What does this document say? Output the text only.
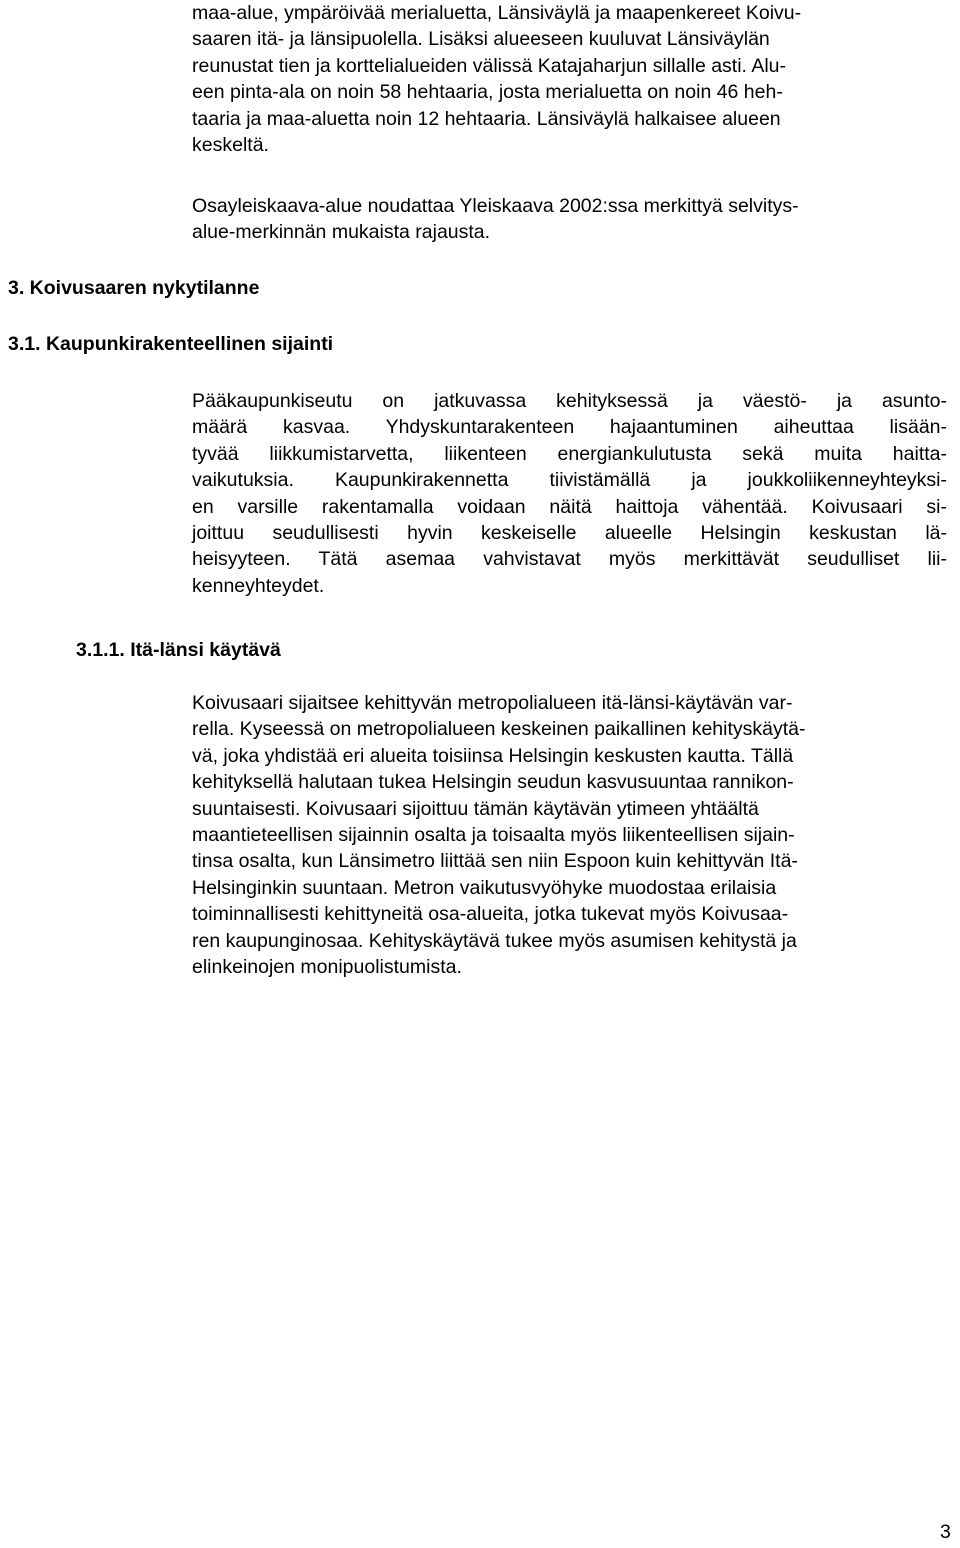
maa-alue, ympäröivää merialuetta, Länsiväylä ja maapenkereet Koivu-
saaren itä- ja länsipuolella. Lisäksi alueeseen kuuluvat Länsiväylän
reunustat tien ja korttelialueiden välissä Katajaharjun sillalle asti. Alu-
een pinta-ala on noin 58 hehtaaria, josta merialuetta on noin 46 heh-
taaria ja maa-aluetta noin 12 hehtaaria. Länsiväylä halkaisee alueen
keskeltä.
Osayleiskaava-alue noudattaa Yleiskaava 2002:ssa merkittyä selvitys-
alue-merkinnän mukaista rajausta.
3. Koivusaaren nykytilanne
3.1. Kaupunkirakenteellinen sijainti
Pääkaupunkiseutu on jatkuvassa kehityksessä ja väestö- ja asunto-
määrä kasvaa. Yhdyskuntarakenteen hajaantuminen aiheuttaa lisään-
tyvää liikkumistarvetta, liikenteen energiankulutusta sekä muita haitta-
vaikutuksia. Kaupunkirakennetta tiivistämällä ja joukkoliikenneyhteyksi-
en varsille rakentamalla voidaan näitä haittoja vähentää. Koivusaari si-
joittuu seudullisesti hyvin keskeiselle alueelle Helsingin keskustan lä-
heisyyteen. Tätä asemaa vahvistavat myös merkittävät seudulliset lii-
kenneyhteydet.
3.1.1. Itä-länsi käytävä
Koivusaari sijaitsee kehittyvän metropolialueen itä-länsi-käytävän var-
rella. Kyseessä on metropolialueen keskeinen paikallinen kehityskäytä-
vä, joka yhdistää eri alueita toisiinsa Helsingin keskusten kautta. Tällä
kehityksellä halutaan tukea Helsingin seudun kasvusuuntaa rannikon-
suuntaisesti. Koivusaari sijoittuu tämän käytävän ytimeen yhtäältä
maantieteellisen sijainnin osalta ja toisaalta myös liikenteellisen sijain-
tinsa osalta, kun Länsimetro liittää sen niin Espoon kuin kehittyvän Itä-
Helsinginkin suuntaan. Metron vaikutusvyöhyke muodostaa erilaisia
toiminnallisesti kehittyneitä osa-alueita, jotka tukevat myös Koivusaa-
ren kaupunginosaa. Kehityskäytävä tukee myös asumisen kehitystä ja
elinkeinojen monipuolistumista.
3
